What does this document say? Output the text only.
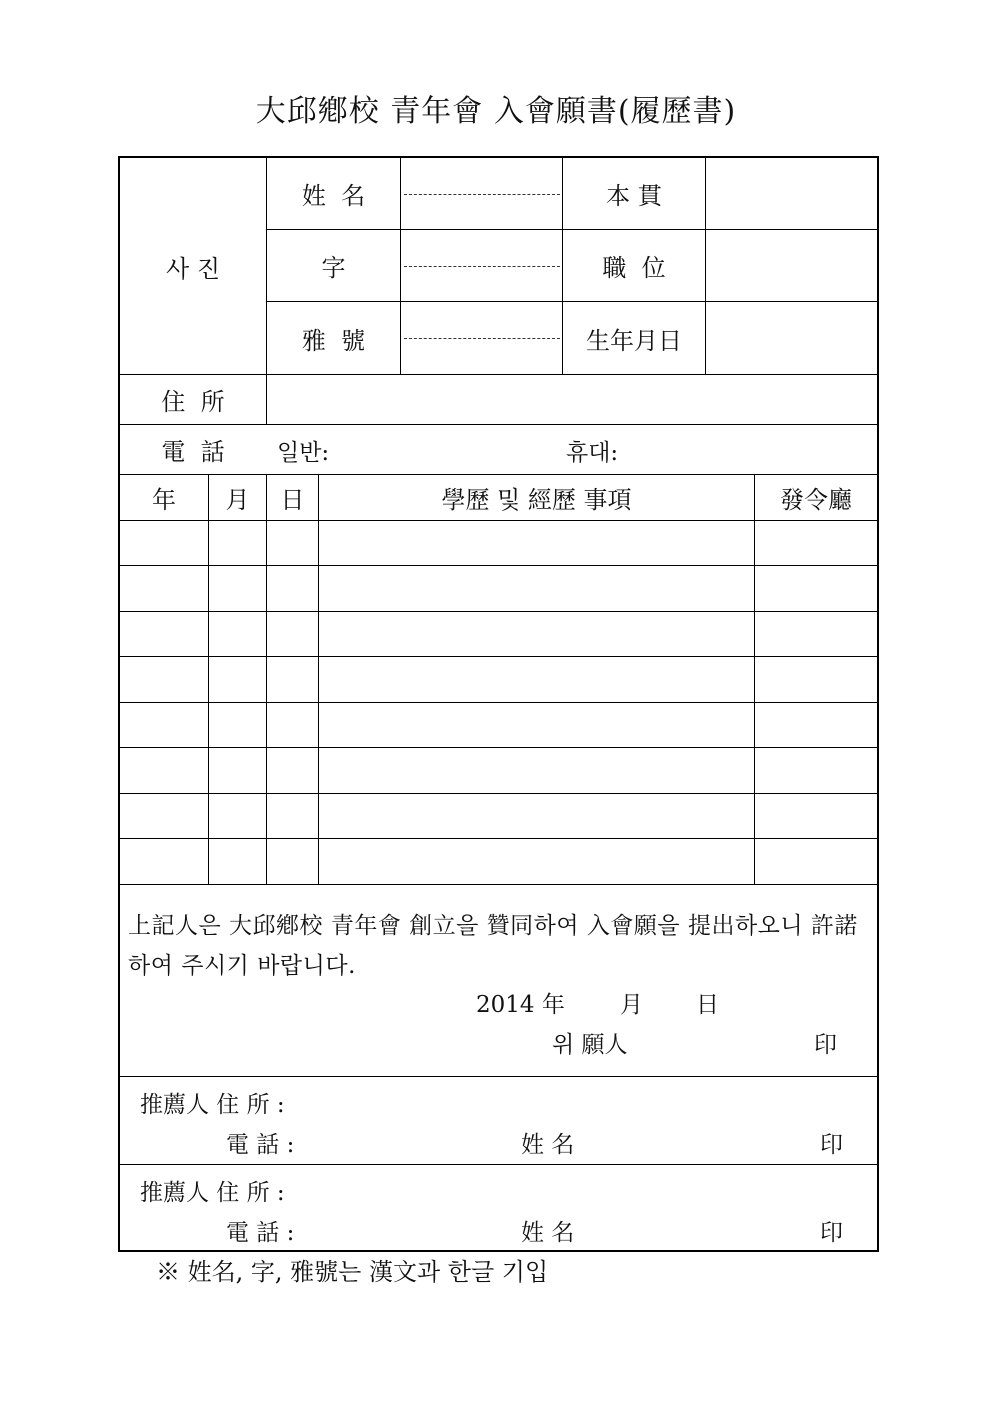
大邱鄕校 青年會 入會願書(履歷書)
사 진
姓  名	本 貫
字	職  位
雅  號	生年月日
住  所
電  話	일반:	휴대:
年	月	日	學歷 및 經歷 事項	發令廳
上記人은 大邱鄕校 青年會 創立을 贊同하여 入會願을 提出하오니 許諾 하여 주시기 바랍니다.
2014 年 月 日
위 願人	印
推薦人 住 所 :
電 話 :	姓 名	印
推薦人 住 所 :
電 話 :	姓 名	印
※ 姓名, 字, 雅號는 漢文과 한글 기입
